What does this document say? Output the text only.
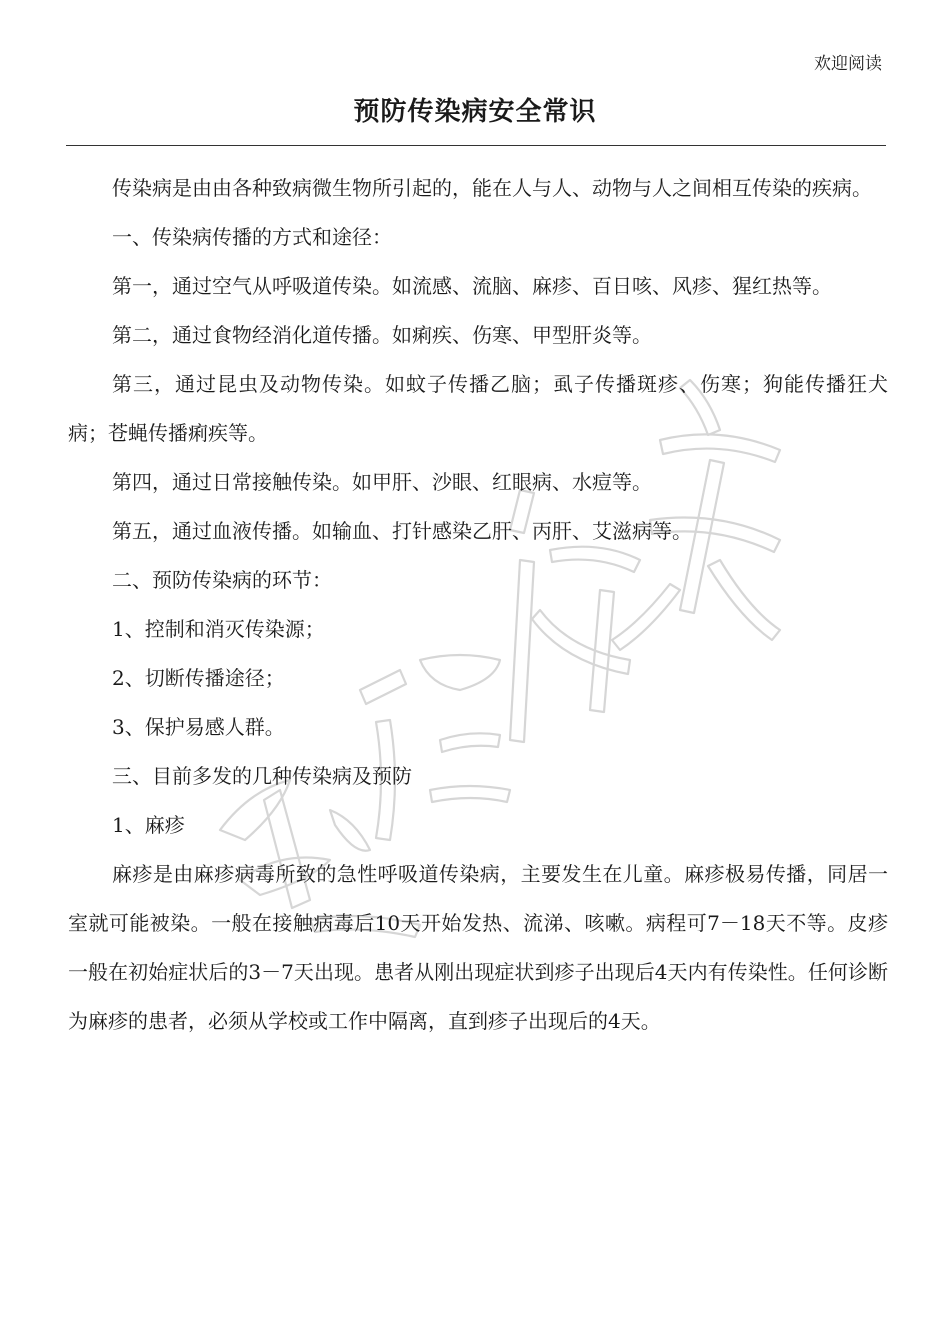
欢迎阅读
预防传染病安全常识

传染病是由由各种致病微生物所引起的，能在人与人、动物与人之间相互传染的疾病。

一、传染病传播的方式和途径：

第一，通过空气从呼吸道传染。如流感、流脑、麻疹、百日咳、风疹、猩红热等。

第二，通过食物经消化道传播。如痢疾、伤寒、甲型肝炎等。

第三，通过昆虫及动物传染。如蚊子传播乙脑；虱子传播斑疹、伤寒；狗能传播狂犬病；苍蝇传播痢疾等。

第四，通过日常接触传染。如甲肝、沙眼、红眼病、水痘等。

第五，通过血液传播。如输血、打针感染乙肝、丙肝、艾滋病等。

二、预防传染病的环节：

1、控制和消灭传染源；

2、切断传播途径；

3、保护易感人群。

三、目前多发的几种传染病及预防

1、麻疹

麻疹是由麻疹病毒所致的急性呼吸道传染病，主要发生在儿童。麻疹极易传播，同居一室就可能被染。一般在接触病毒后10天开始发热、流涕、咳嗽。病程可7－18天不等。皮疹一般在初始症状后的3－7天出现。患者从刚出现症状到疹子出现后4天内有传染性。任何诊断为麻疹的患者，必须从学校或工作中隔离，直到疹子出现后的4天。
